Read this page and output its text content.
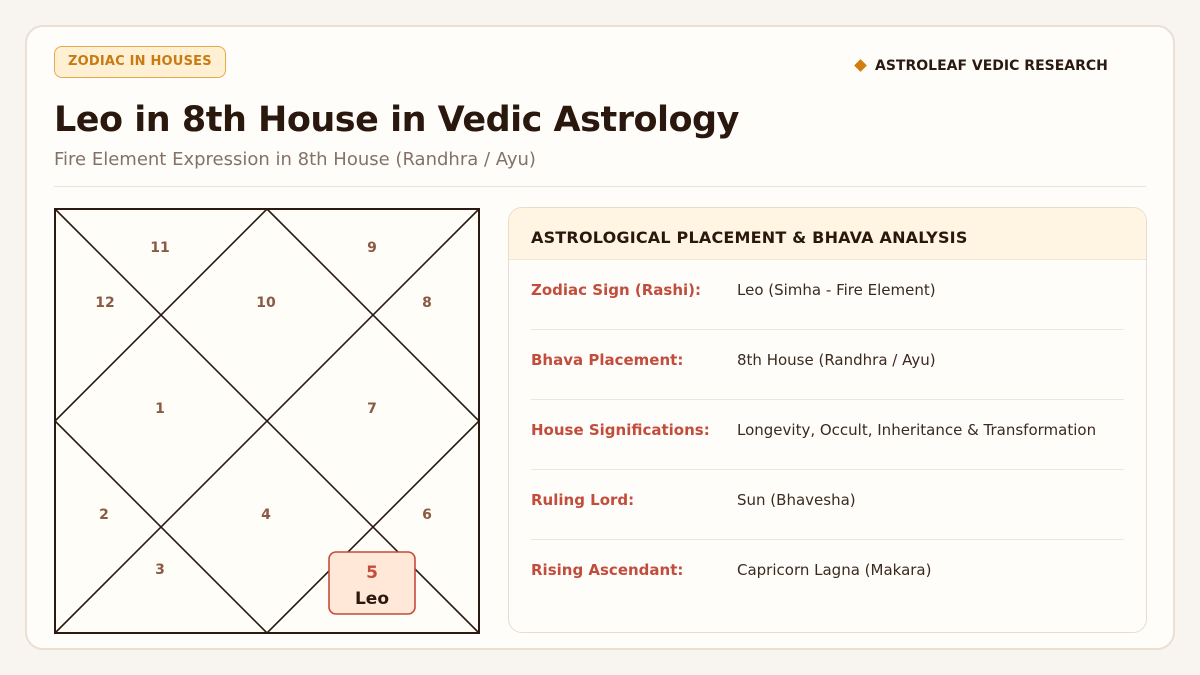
ZODIAC IN HOUSES	ASTROLEAF VEDIC RESEARCH
Leo in 8th House in Vedic Astrology
Fire Element Expression in 8th House (Randhra / Ayu)
1
2
3
4	6
7
8
9
10
11
12
5
Leo
ASTROLOGICAL PLACEMENT & BHAVA ANALYSIS
Zodiac Sign (Rashi): Leo (Simha - Fire Element)
Bhava Placement:	8th House (Randhra / Ayu)
House Significations: Longevity, Occult, Inheritance & Transformation
Ruling Lord:	Sun (Bhavesha)
Rising Ascendant:	Capricorn Lagna (Makara)
